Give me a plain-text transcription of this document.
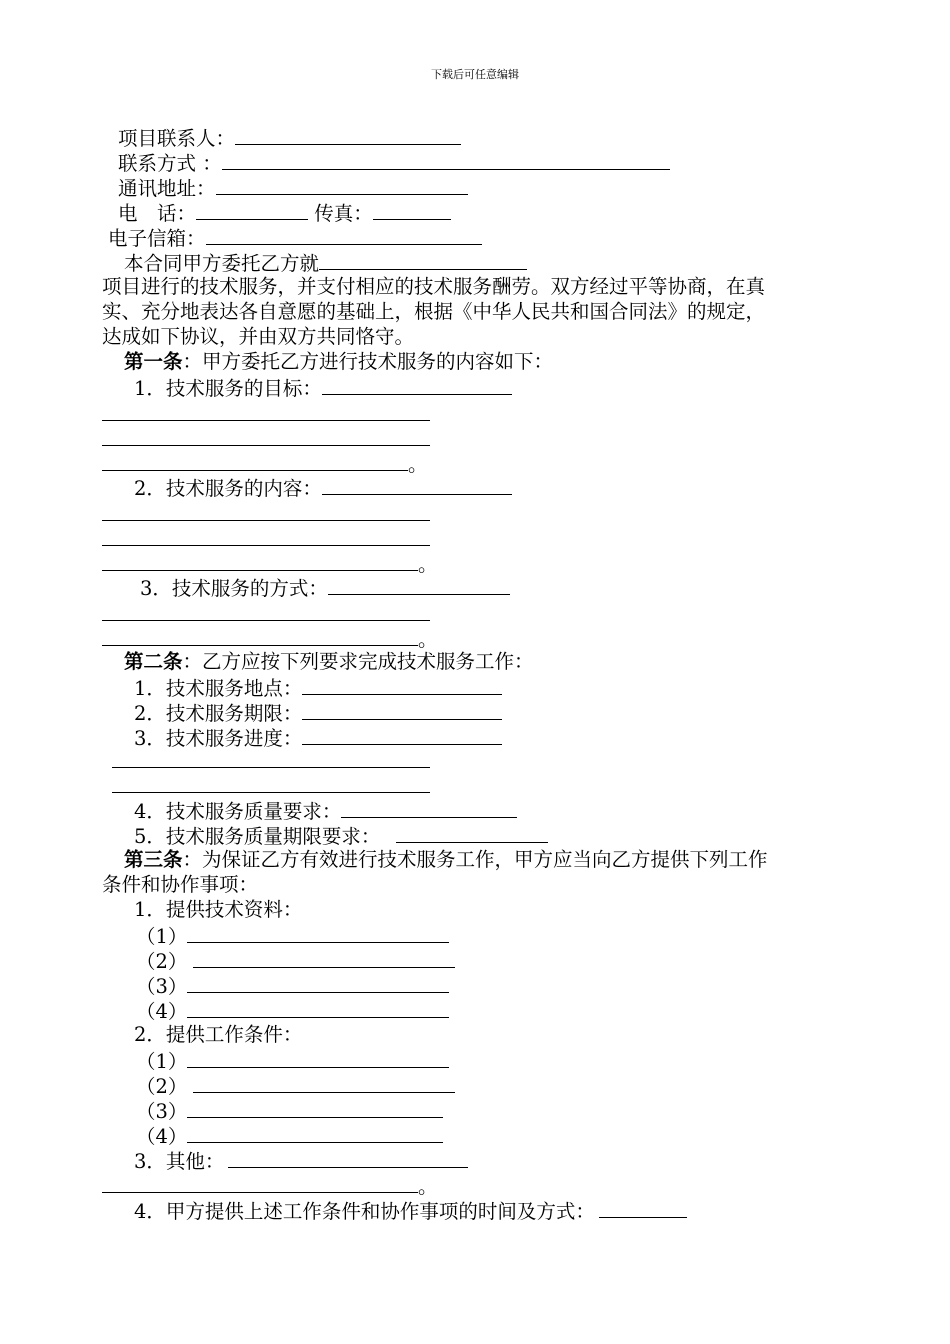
下载后可任意编辑
项目联系人：
联系方式 ：
通讯地址：
电　话：	传真：
电子信箱：
本合同甲方委托乙方就
项目进行的技术服务，并支付相应的技术服务酬劳。双方经过平等协商，在真
实、充分地表达各自意愿的基础上，根据《中华人民共和国合同法》的规定，
达成如下协议，并由双方共同恪守。
第一条：甲方委托乙方进行技术服务的内容如下：
1．技术服务的目标：
。
2．技术服务的内容：
。
3．技术服务的方式：
。
第二条：乙方应按下列要求完成技术服务工作：
1．技术服务地点：
2．技术服务期限：
3．技术服务进度：
4．技术服务质量要求：
5．技术服务质量期限要求：
第三条：为保证乙方有效进行技术服务工作，甲方应当向乙方提供下列工作
条件和协作事项：
1．提供技术资料：
（1）
（2）
（3）
（4）
2．提供工作条件：
（1）
（2）
（3）
（4）
3．其他：
。
4．甲方提供上述工作条件和协作事项的时间及方式：
